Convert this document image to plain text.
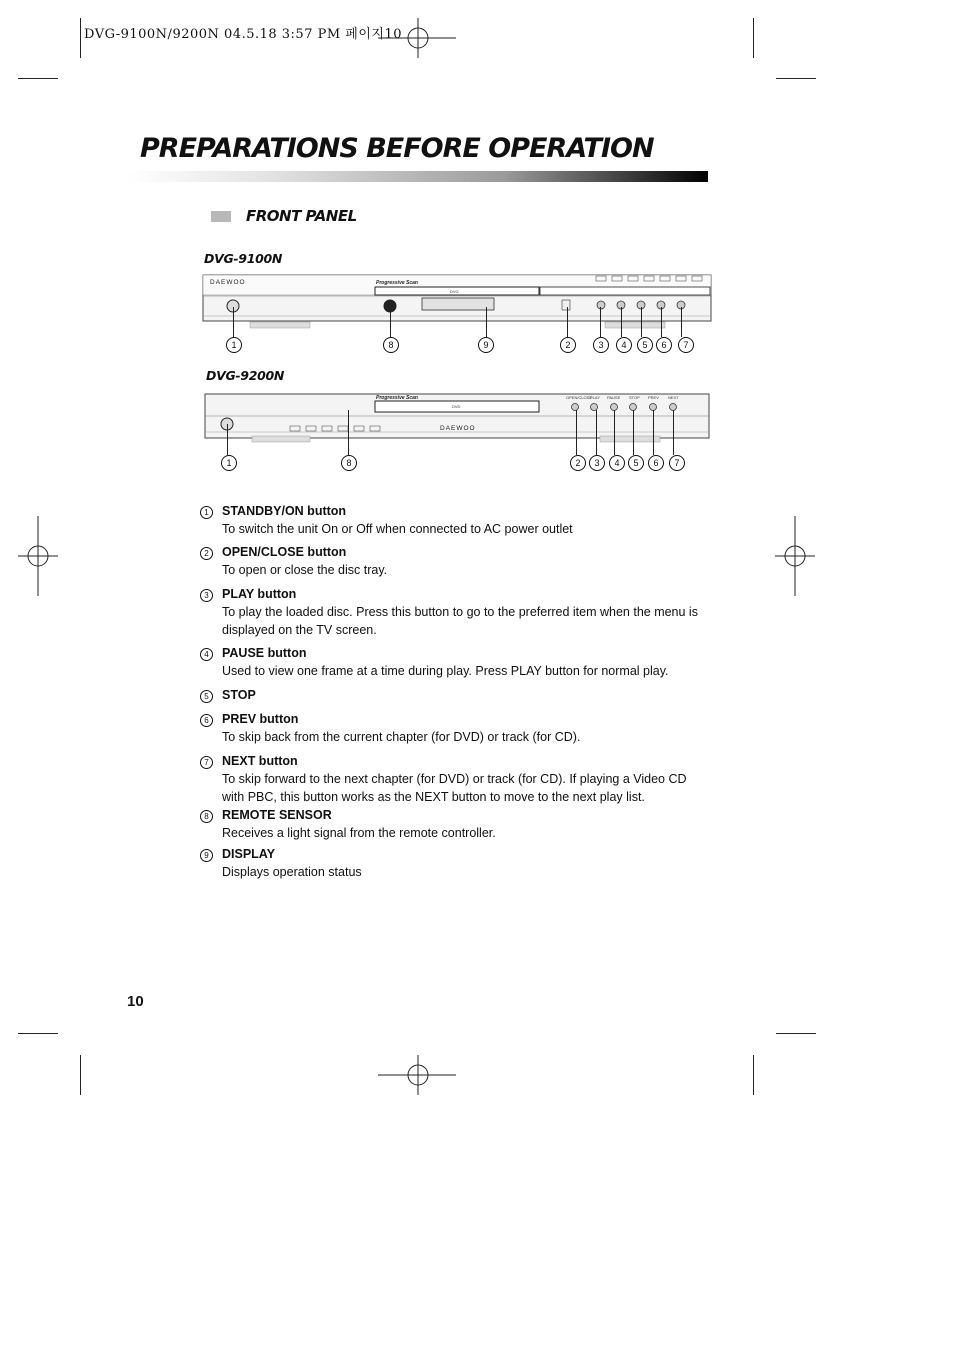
DVG-9100N/9200N 04.5.18 3:57 PM 페이지10
PREPARATIONS BEFORE OPERATION
FRONT PANEL
DVG-9100N
DAEWOO	Progressive Scan
DVG
1	8	9	2	3	4	5	6	7
DVG-9200N
Progressive Scan
DVD
OPEN/CLOSE
PLAY PAUSE STOP PREV NEXT
DAEWOO
1	8	2	3	4	5	6	7
1	STANDBY/ON button
To switch the unit On or Off when connected to AC power outlet
2	OPEN/CLOSE button
To open or close the disc tray.
3	PLAY button
To play the loaded disc. Press this button to go to the preferred item when the menu is displayed on the TV screen.
4	PAUSE button
Used to view one frame at a time during play. Press PLAY button for normal play.
5	STOP
6	PREV button
To skip back from the current chapter (for DVD) or track (for CD).
7	NEXT button
To skip forward to the next chapter (for DVD) or track (for CD). If playing a Video CD with PBC, this button works as the NEXT button to move to the next play list.
8	REMOTE SENSOR
Receives a light signal from the remote controller.
9	DISPLAY
Displays operation status
10
